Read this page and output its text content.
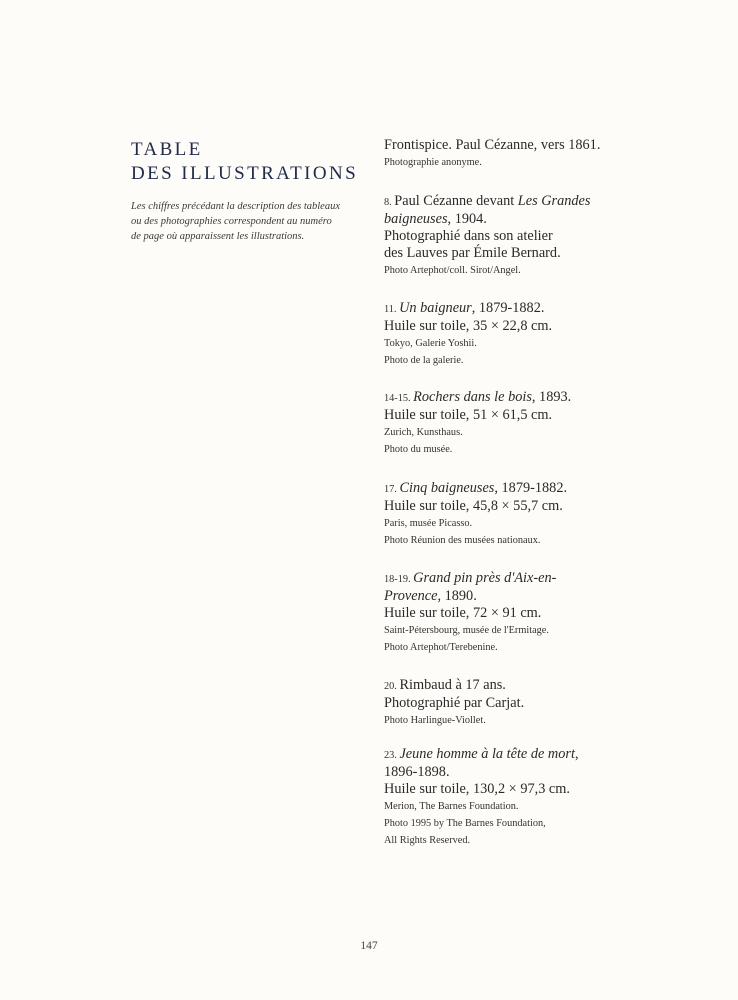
TABLE
DES ILLUSTRATIONS
Les chiffres précédant la description des tableaux
ou des photographies correspondent au numéro
de page où apparaissent les illustrations.
Frontispice. Paul Cézanne, vers 1861.
Photographie anonyme.
8. Paul Cézanne devant Les Grandes
baigneuses, 1904.
Photographié dans son atelier
des Lauves par Émile Bernard.
Photo Artephot/coll. Sirot/Angel.
11. Un baigneur, 1879-1882.
Huile sur toile, 35 × 22,8 cm.
Tokyo, Galerie Yoshii.
Photo de la galerie.
14-15. Rochers dans le bois, 1893.
Huile sur toile, 51 × 61,5 cm.
Zurich, Kunsthaus.
Photo du musée.
17. Cinq baigneuses, 1879-1882.
Huile sur toile, 45,8 × 55,7 cm.
Paris, musée Picasso.
Photo Réunion des musées nationaux.
18-19. Grand pin près d'Aix-en-
Provence, 1890.
Huile sur toile, 72 × 91 cm.
Saint-Pétersbourg, musée de l'Ermitage.
Photo Artephot/Terebenine.
20. Rimbaud à 17 ans.
Photographié par Carjat.
Photo Harlingue-Viollet.
23. Jeune homme à la tête de mort,
1896-1898.
Huile sur toile, 130,2 × 97,3 cm.
Merion, The Barnes Foundation.
Photo 1995 by The Barnes Foundation,
All Rights Reserved.
147
